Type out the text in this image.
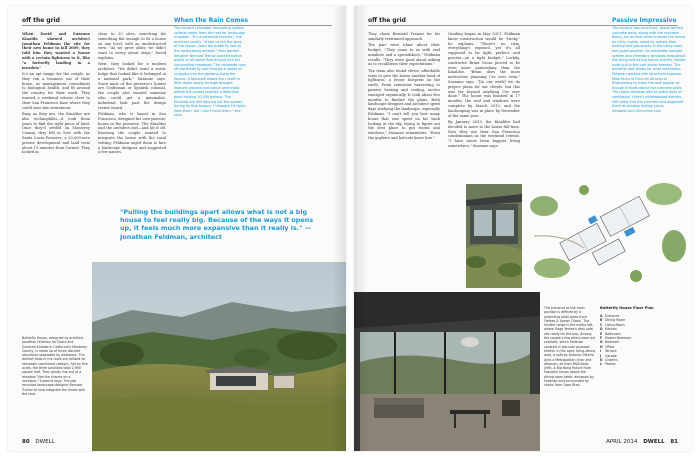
off the grid

When David and Suzanne Kinaldo showed architect Jonathan Feldman the site for their new home in fall 2009, they told him they wanted a house with a certain lightness to it, like "a butterfly landing in a meadow."

It's an apt image for the couple, as they run a business out of their home, as management consultants to biological health, and fit around the country for their work. They wanted a weekend retreat close to their San Francisco base where they could ease into retirement.

Busy as they are, the Kinaldos are also technophiles—it took them years to find the right piece of land. Once they'd settled on Monterey County, they fell in love with the Santa Lucia Preserve, a 20,000-acre private development and land trust about 15 minutes from Carmel. They looked at

close to 20 sites, searching for something flat enough to fit a house on one level, with an unobstructed view. "As we grew older, we didn't want to worry about steps," David explains.

Next, they looked for a modern architect. "We didn't want a rustic lodge that looked like it belonged in a national park," Suzanne says. Since most of the preserve's homes are Craftsman or Spanish colonial, the couple also wanted someone who could get a minimalist, industrial look past the design review board.

Feldman, who is based in San Francisco, designed his own parents' house in the preserve. The Kinaldos and the architect met—and hit it off. Knowing the couple wanted to integrate the house with the rural setting, Feldman urged them to hire a landscape designer and suggested a few names.

When the Rain Comes
The house's rainwater harvesting system collects water from the roof for landscape irrigation. "It's a perennial favorite," the architect recalls. "It lets us tell the story of the house—from the butterfly roof to the landscaping outside." Rain garden designer Bernard Trainor planted native plants to let water flow around into the surrounding meadows. The rainwater runs off the butterfly roof through a series of scuppers into the gardens along the façade. A bioswale allows the runoff to filter down slowly through drought-tolerant grasses and native perennials before the excess reaches a detention pond holding 10,000 gallons. The Kinaldos are still figuring out the system during its first season. "I thought I'd really hate them, but I don't mind them," she says.
"Pulling the buildings apart allows what is not a big house to feel really big. Because of the ways it opens up, it feels much more expansive than it really is." —Jonathan Feldman, architect
Butterfly House, designed by architect Jonathan Feldman for David and Suzanne Kinaldo in California's Monterey County, is made up of three discrete structures separated by walkways. The distinct folds in the roofs are utilized for rainwater catchment (above). Set on five acres, the three pavilions total 2,900 square feet. They gently rise out of a meadow "like the charms on a necklace," Suzanne says. The pair recruited landscape designer Bernard Trainor to help integrate the house with the land.
80 DWELL
off the grid

They chose Bernard Trainor for his similarly restrained approach.

The pair were blunt about their budget. "They came to us with real numbers and a spreadsheet," Feldman recalls. "They were good about asking us to recalibrate their expectations."

The team also found clever, affordable ways to give the house another kind of lightness: a lesser footprint on the earth. From rainwater harvesting to passive heating and cooling, tactics emerged organically. It took about five months to finalize the plans. Both landscape designer and architect spent days studying the landscape, especially Feldman. "I can't tell you how many hours that was spent on his back looking at the sky, trying to figure out the best place to put rooms and windows," Suzanne remembers. "Even the gophers and bobcats knew him."

Grading began in May 2011. Feldman knew construction would be "tricky," he explains. "There's no trim, everything's exposed, yet it's all supposed to be tight, perfect, and precise—on a tight budget." Luckily, contractor Brian Groza proved to be even more painstaking than the Kinaldos. "Brian does the most meticulous planning I've ever seen," Suzanne says. "[In our work] we do project plans for our clients, but this was far beyond anything I've ever done." The house was finished in 17 months; the roof and windows were complete by March 2012, and the landscaping was in place by December of the same year.

By January 2013, the Kinaldos had decided to move to the house full-time. Now they use their San Francisco condominium as the weekend retreat. "I have never been happier living somewhere," Suzanne says.

Passive Impressive
The house's two-inch-thick, board-formed concrete walls, along with the concrete floors, act as heat sinks to warm the house on chilly nights, aided by radiant floor heating and gas stoves in the living room and guest pavilion. An automatic damper system and clerestory windows throughout the living and dining rooms and the master suite pull in the cool ocean breezes. The butterfly roof allows for solar ventilation. Feldman worked with structural engineer Mike Hicks of Fulcrum Structural Engineering to make the roof appear as though it floats above the concrete walls. The upper windows add an extra layer of ventilation. Hicks's whitewashed slender, stiff posts into the concrete and disguised them as window mullion joints. ranawall.com fulcrumse.com
The entrance to the main pavilion is defined by a projecting plate glass front (Yerkes & Lyman Glass). The shutter hinge is the media loft, where Gage Yerkes's dark sofa sits ready for the pup. Among the couple's few direct-view red cabinets, which Feldman covered in low-sum plywood sheets. In the open living-dining area, a sofa by Antonio Citterio joins a Metropolitan chair and ottoman, all from B&B Italia (left). A Big Bang fixture from Foscarini hangs above the dining room table, designed by Feldman and surrounded by chairs from Cape Breo.
Butterfly House Floor Plan
A Entrance
B Dining Room
C Living Room
D Kitchen
E Bathroom
F Master Bedroom
G Bedroom
H Office
I Terrace
J Garage
K Cisterns
L Pavers
APRIL 2014 DWELL 81
